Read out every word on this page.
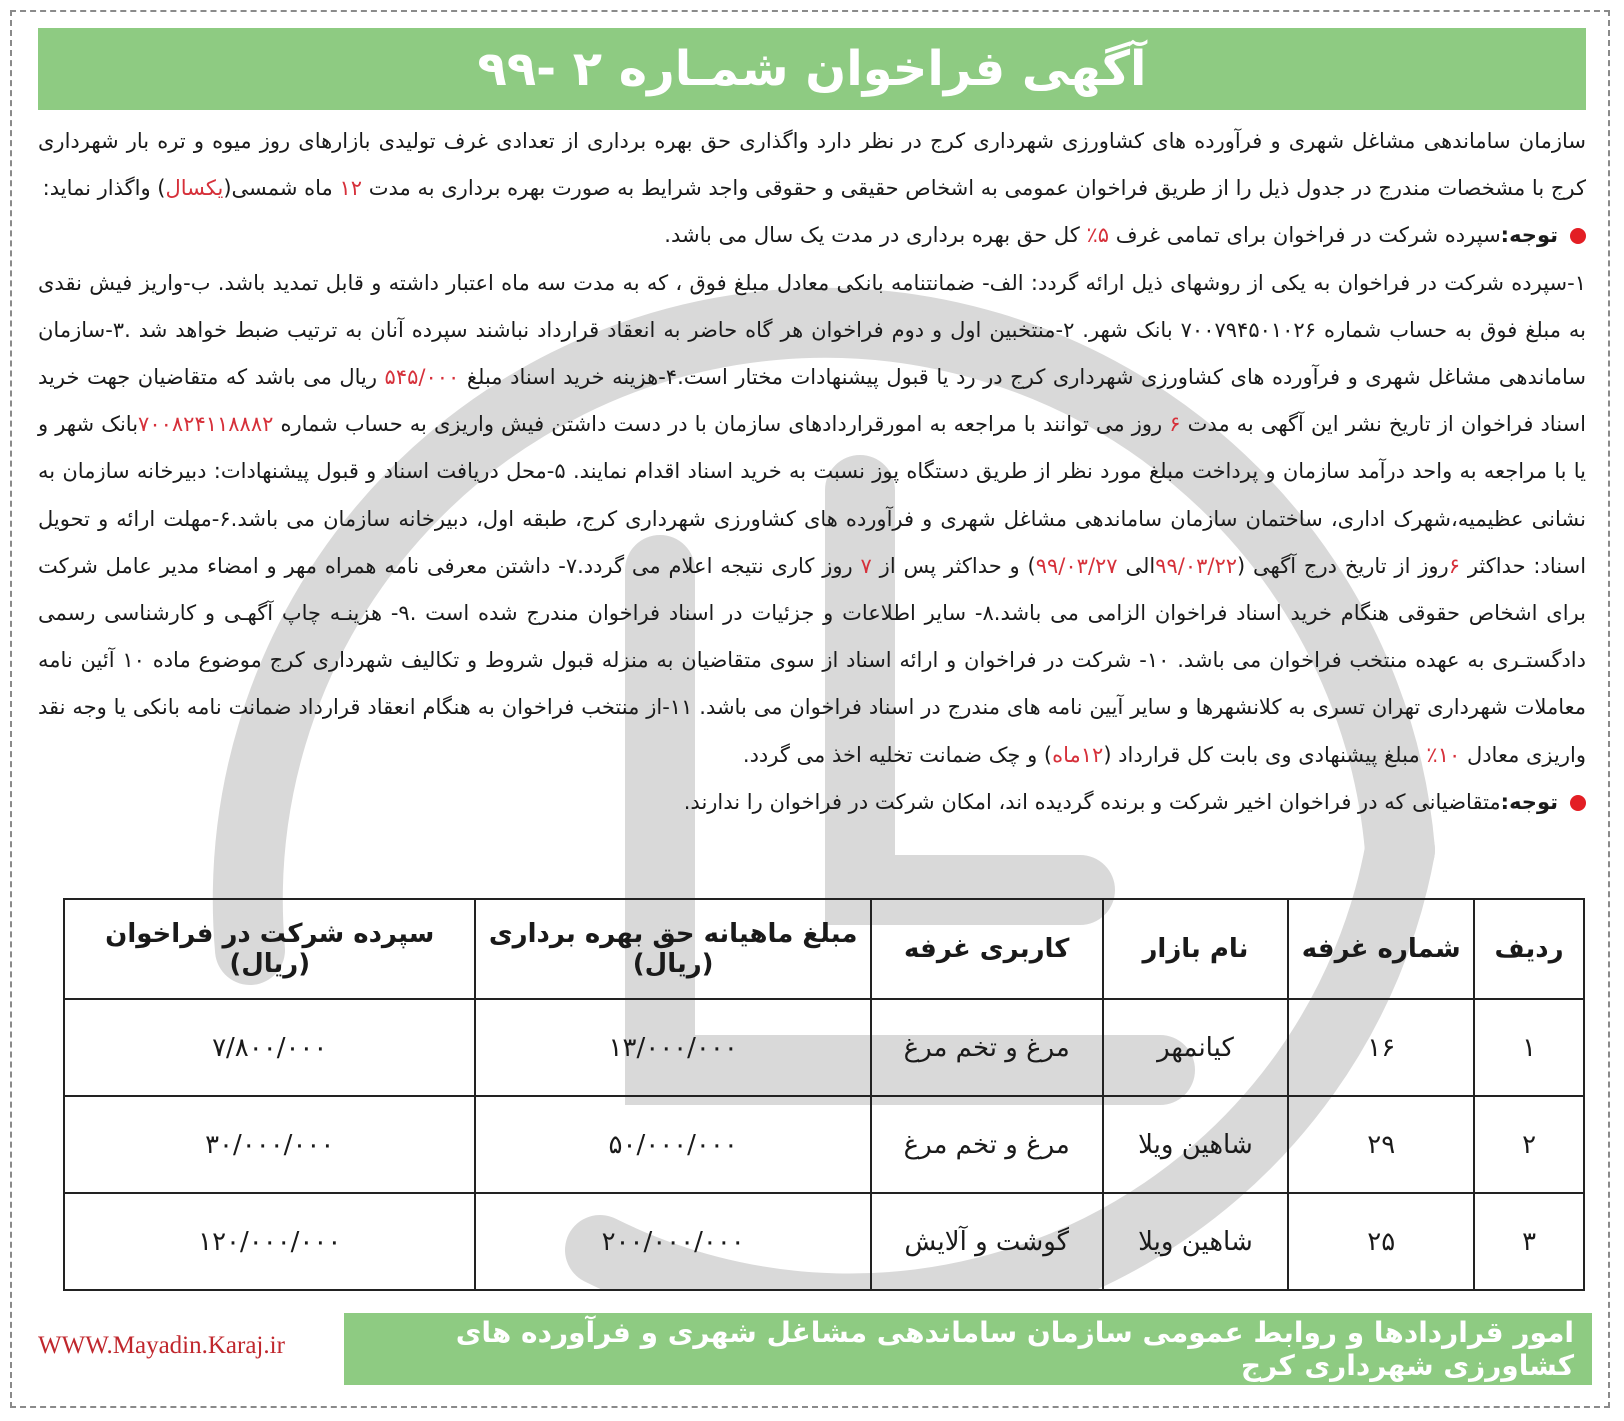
آگهی فراخوان شمـاره ۲ -۹۹

سازمان ساماندهی مشاغل شهری و فرآورده های کشاورزی شهرداری کرج در نظر دارد واگذاری حق بهره برداری از تعدادی غرف تولیدی بازارهای روز میوه و تره بار شهرداری کرج با مشخصات مندرج در جدول ذیل را از طریق فراخوان عمومی به اشخاص حقیقی و حقوقی واجد شرایط به صورت بهره برداری به مدت ۱۲ ماه شمسی(یکسال) واگذار نماید:

توجه:سپرده شرکت در فراخوان برای تمامی غرف ۵٪ کل حق بهره برداری در مدت یک سال می باشد.

۱-سپرده شرکت در فراخوان به یکی از روشهای ذیل ارائه گردد: الف- ضمانتنامه بانکی معادل مبلغ فوق ، که به مدت سه ماه اعتبار داشته و قابل تمدید باشد. ب-واریز فیش نقدی به مبلغ فوق به حساب شماره ۷۰۰۷۹۴۵۰۱۰۲۶ بانک شهر. ۲-منتخبین اول و دوم فراخوان هر گاه حاضر به انعقاد قرارداد نباشند سپرده آنان به ترتیب ضبط خواهد شد .۳-سازمان ساماندهی مشاغل شهری و فرآورده های کشاورزی شهرداری کرج در رد یا قبول پیشنهادات مختار است.۴-هزینه خرید اسناد مبلغ ۵۴۵/۰۰۰ ریال می باشد که متقاضیان جهت خرید اسناد فراخوان از تاریخ نشر این آگهی به مدت ۶ روز می توانند با مراجعه به امورقراردادهای سازمان با در دست داشتن فیش واریزی به حساب شماره ۷۰۰۸۲۴۱۱۸۸۸۲بانک شهر و یا با مراجعه به واحد درآمد سازمان و پرداخت مبلغ مورد نظر از طریق دستگاه پوز نسبت به خرید اسناد اقدام نمایند. ۵-محل دریافت اسناد و قبول پیشنهادات: دبیرخانه سازمان به نشانی عظیمیه،شهرک اداری، ساختمان سازمان ساماندهی مشاغل شهری و فرآورده های کشاورزی شهرداری کرج، طبقه اول، دبیرخانه سازمان می باشد.۶-مهلت ارائه و تحویل اسناد: حداکثر ۶روز از تاریخ درج آگهی (۹۹/۰۳/۲۲الی ۹۹/۰۳/۲۷) و حداکثر پس از ۷ روز کاری نتیجه اعلام می گردد.۷- داشتن معرفی نامه همراه مهر و امضاء مدیر عامل شرکت برای اشخاص حقوقی هنگام خرید اسناد فراخوان الزامی می باشد.۸- سایر اطلاعات و جزئیات در اسناد فراخوان مندرج شده است .۹- هزینـه چاپ آگهـی و کارشناسی رسمی دادگستـری به عهده منتخب فراخوان می باشد. ۱۰- شرکت در فراخوان و ارائه اسناد از سوی متقاضیان به منزله قبول شروط و تکالیف شهرداری کرج موضوع ماده ۱۰ آئین نامه معاملات شهرداری تهران تسری به کلانشهرها و سایر آیین نامه های مندرج در اسناد فراخوان می باشد. ۱۱-از منتخب فراخوان به هنگام انعقاد قرارداد ضمانت نامه بانکی یا وجه نقد واریزی معادل ۱۰٪ مبلغ پیشنهادی وی بابت کل قرارداد (۱۲ماه) و چک ضمانت تخلیه اخذ می گردد.

توجه:متقاضیانی که در فراخوان اخیر شرکت و برنده گردیده اند، امکان شرکت در فراخوان را ندارند.

ردیف	شماره غرفه	نام بازار	کاربری غرفه	مبلغ ماهیانه حق بهره برداری (ریال)	سپرده شرکت در فراخوان (ریال)
۱	۱۶	کیانمهر	مرغ و تخم مرغ	۱۳/۰۰۰/۰۰۰	۷/۸۰۰/۰۰۰
۲	۲۹	شاهین ویلا	مرغ و تخم مرغ	۵۰/۰۰۰/۰۰۰	۳۰/۰۰۰/۰۰۰
۳	۲۵	شاهین ویلا	گوشت و آلایش	۲۰۰/۰۰۰/۰۰۰	۱۲۰/۰۰۰/۰۰۰
امور قراردادها و روابط عمومی سازمان ساماندهی مشاغل شهری و فرآورده های کشاورزی شهرداری کرج
WWW.Mayadin.Karaj.ir
